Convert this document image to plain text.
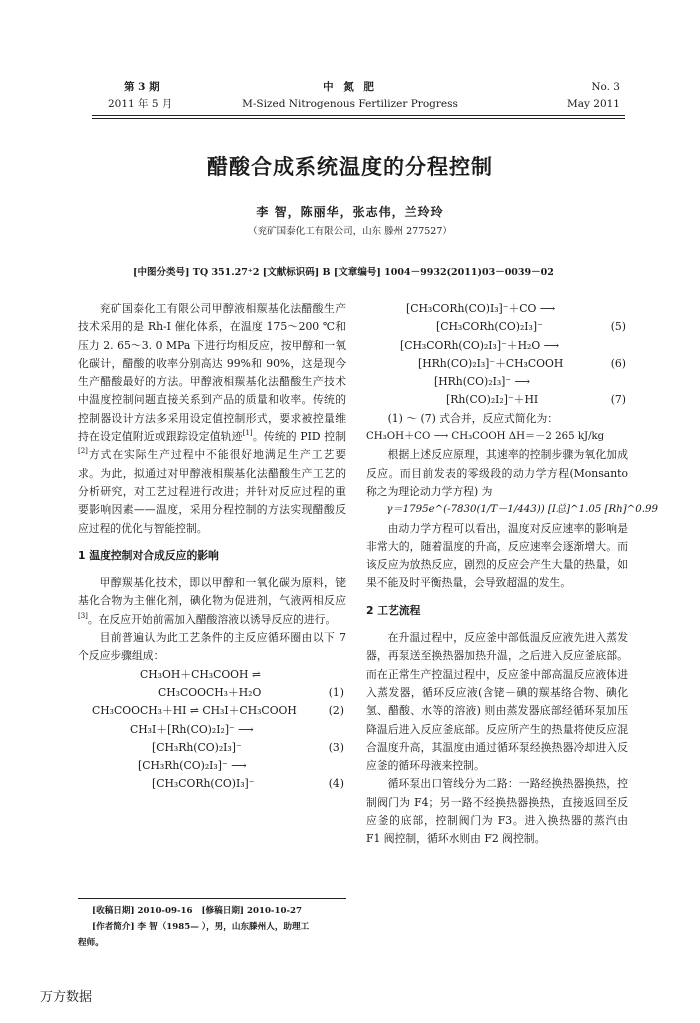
第 3 期
2011 年 5 月
中 氮 肥
M-Sized Nitrogenous Fertilizer Progress
No. 3
May 2011
醋酸合成系统温度的分程控制
李 智，陈丽华，张志伟，兰玲玲
（兖矿国泰化工有限公司，山东 滕州 277527）
[中图分类号] TQ 351.27⁺2 [文献标识码] B [文章编号] 1004－9932(2011)03－0039－02

兖矿国泰化工有限公司甲醇液相羰基化法醋酸生产技术采用的是 Rh-I 催化体系，在温度 175～200 ℃和压力 2. 65～3. 0 MPa 下进行均相反应，按甲醇和一氧化碳计，醋酸的收率分别高达 99%和 90%，这是现今生产醋酸最好的方法。甲醇液相羰基化法醋酸生产技术中温度控制问题直接关系到产品的质量和收率。传统的控制器设计方法多采用设定值控制形式，要求被控量维持在设定值附近或跟踪设定值轨迹[1]。传统的 PID 控制[2]方式在实际生产过程中不能很好地满足生产工艺要求。为此，拟通过对甲醇液相羰基化法醋酸生产工艺的分析研究，对工艺过程进行改进；并针对反应过程的重要影响因素——温度，采用分程控制的方法实现醋酸反应过程的优化与智能控制。

1 温度控制对合成反应的影响

甲醇羰基化技术，即以甲醇和一氧化碳为原料，铑基化合物为主催化剂，碘化物为促进剂，气液两相反应[3]。在反应开始前需加入醋酸溶液以诱导反应的进行。

目前普遍认为此工艺条件的主反应循环圈由以下 7 个反应步骤组成：

CH₃OH＋CH₃COOH ⇌
CH₃COOCH₃＋H₂O	(1)
CH₃COOCH₃＋HI ⇌ CH₃I＋CH₃COOH	(2)
CH₃I＋[Rh(CO)₂I₂]⁻ ⟶
[CH₃Rh(CO)₂I₃]⁻	(3)
[CH₃Rh(CO)₂I₃]⁻ ⟶
[CH₃CORh(CO)I₃]⁻	(4)
[收稿日期] 2010-09-16 [修稿日期] 2010-10-27
[作者简介] 李 智（1985— ），男，山东滕州人，助理工
程师。
[CH₃CORh(CO)I₃]⁻＋CO ⟶
[CH₃CORh(CO)₂I₃]⁻	(5)
[CH₃CORh(CO)₂I₃]⁻＋H₂O ⟶
[HRh(CO)₂I₃]⁻＋CH₃COOH	(6)
[HRh(CO)₂I₃]⁻ ⟶
[Rh(CO)₂I₂]⁻＋HI	(7)

(1) ～ (7) 式合并，反应式简化为：

CH₃OH＋CO ⟶ CH₃COOH ΔH＝－2 265 kJ/kg

根据上述反应原理，其速率的控制步骤为氧化加成反应。而目前发表的零级段的动力学方程(Monsanto 称之为理论动力学方程) 为

γ＝1795e^(-7830(1/T－1/443)) [I总]^1.05 [Rh]^0.99

由动力学方程可以看出，温度对反应速率的影响是非常大的，随着温度的升高，反应速率会逐渐增大。而该反应为放热反应，剧烈的反应会产生大量的热量，如果不能及时平衡热量，会导致超温的发生。

2 工艺流程

在升温过程中，反应釜中部低温反应液先进入蒸发器，再泵送至换热器加热升温，之后进入反应釜底部。而在正常生产控温过程中，反应釜中部高温反应液体进入蒸发器，循环反应液(含铑－碘的羰基络合物、碘化氢、醋酸、水等的溶液) 则由蒸发器底部经循环泵加压降温后进入反应釜底部。反应所产生的热量将使反应混合温度升高，其温度由通过循环泵经换热器冷却进入反应釜的循环母液来控制。

循环泵出口管线分为二路：一路经换热器换热，控制阀门为 F4；另一路不经换热器换热，直接返回至反应釜的底部，控制阀门为 F3。进入换热器的蒸汽由 F1 阀控制，循环水则由 F2 阀控制。

万方数据
